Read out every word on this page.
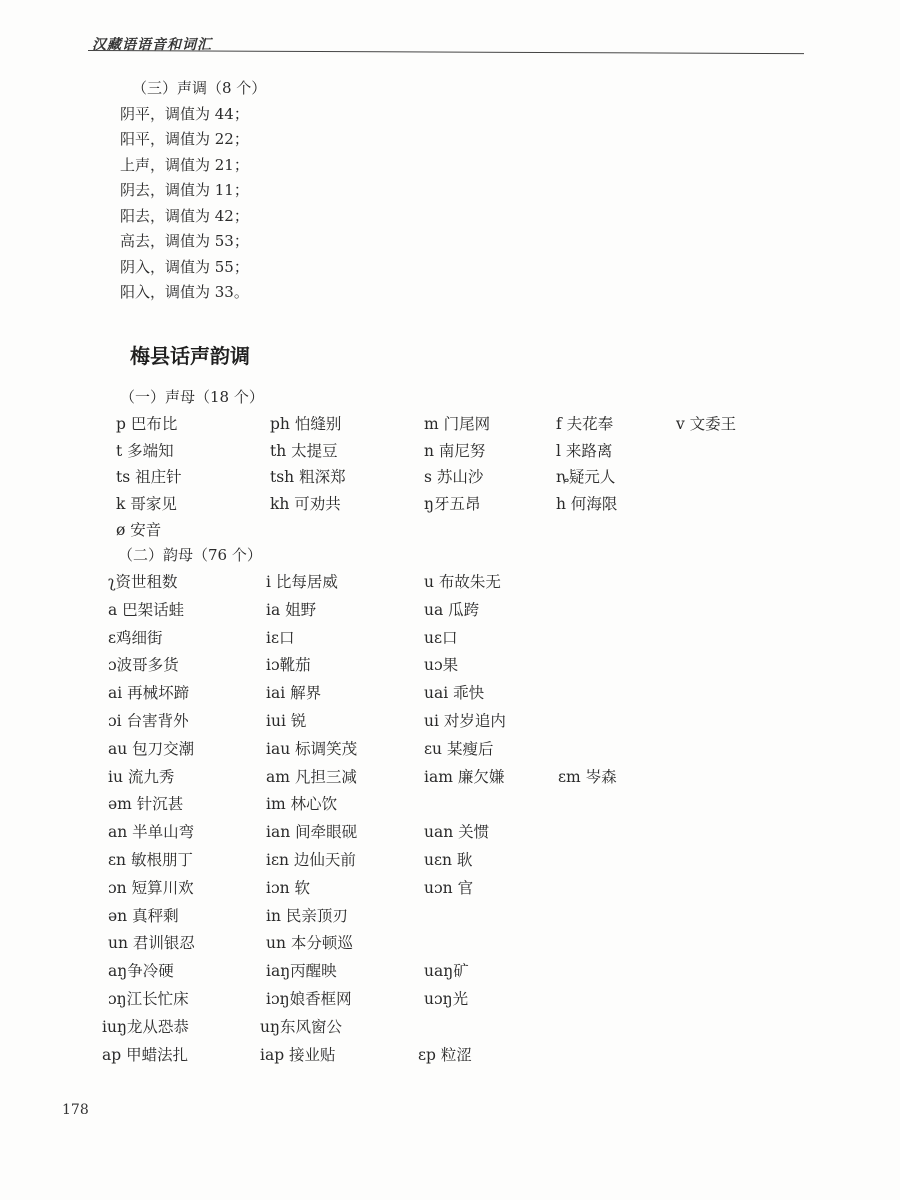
汉藏语语音和词汇
（三）声调（8 个）
阴平，调值为 44；
阳平，调值为 22；
上声，调值为 21；
阴去，调值为 11；
阳去，调值为 42；
高去，调值为 53；
阴入，调值为 55；
阳入，调值为 33。
梅县话声韵调
（一）声母（18 个）
p 巴布比	ph 怕缝别	m 门尾网	f 夫花奉	v 文委王
t 多端知	th 太提豆	n 南尼努	l 来路离
ts 祖庄针	tsh 粗深郑	s 苏山沙	ȵ疑元人
k 哥家见	kh 可劝共	ŋ牙五昂	h 何海限
ø 安音
（二）韵母（76 个）
ʅ资世租数	i 比每居威	u 布故朱无
a 巴架话蛙	ia 姐野	ua 瓜跨
ɛ鸡细街	iɛ口	uɛ口
ɔ波哥多货	iɔ靴茄	uɔ果
ai 再械坏蹄	iai 解界	uai 乖快
ɔi 台害背外	iui 锐	ui 对岁追内
au 包刀交潮	iau 标调笑茂	ɛu 某瘦后
iu 流九秀	am 凡担三减	iam 廉欠嫌	ɛm 岑森
əm 针沉甚	im 林心饮
an 半单山弯	ian 间牵眼砚	uan 关惯
ɛn 敏根朋丁	iɛn 边仙天前	uɛn 耿
ɔn 短算川欢	iɔn 软	uɔn 官
ən 真秤剩	in 民亲顶刃
un 君训银忍	un 本分顿巡
aŋ争冷硬	iaŋ丙醒映	uaŋ矿
ɔŋ江长忙床	iɔŋ娘香框网	uɔŋ光
iuŋ龙从恐恭	uŋ东风窗公
ap 甲蜡法扎	iap 接业贴	ɛp 粒涩
178
